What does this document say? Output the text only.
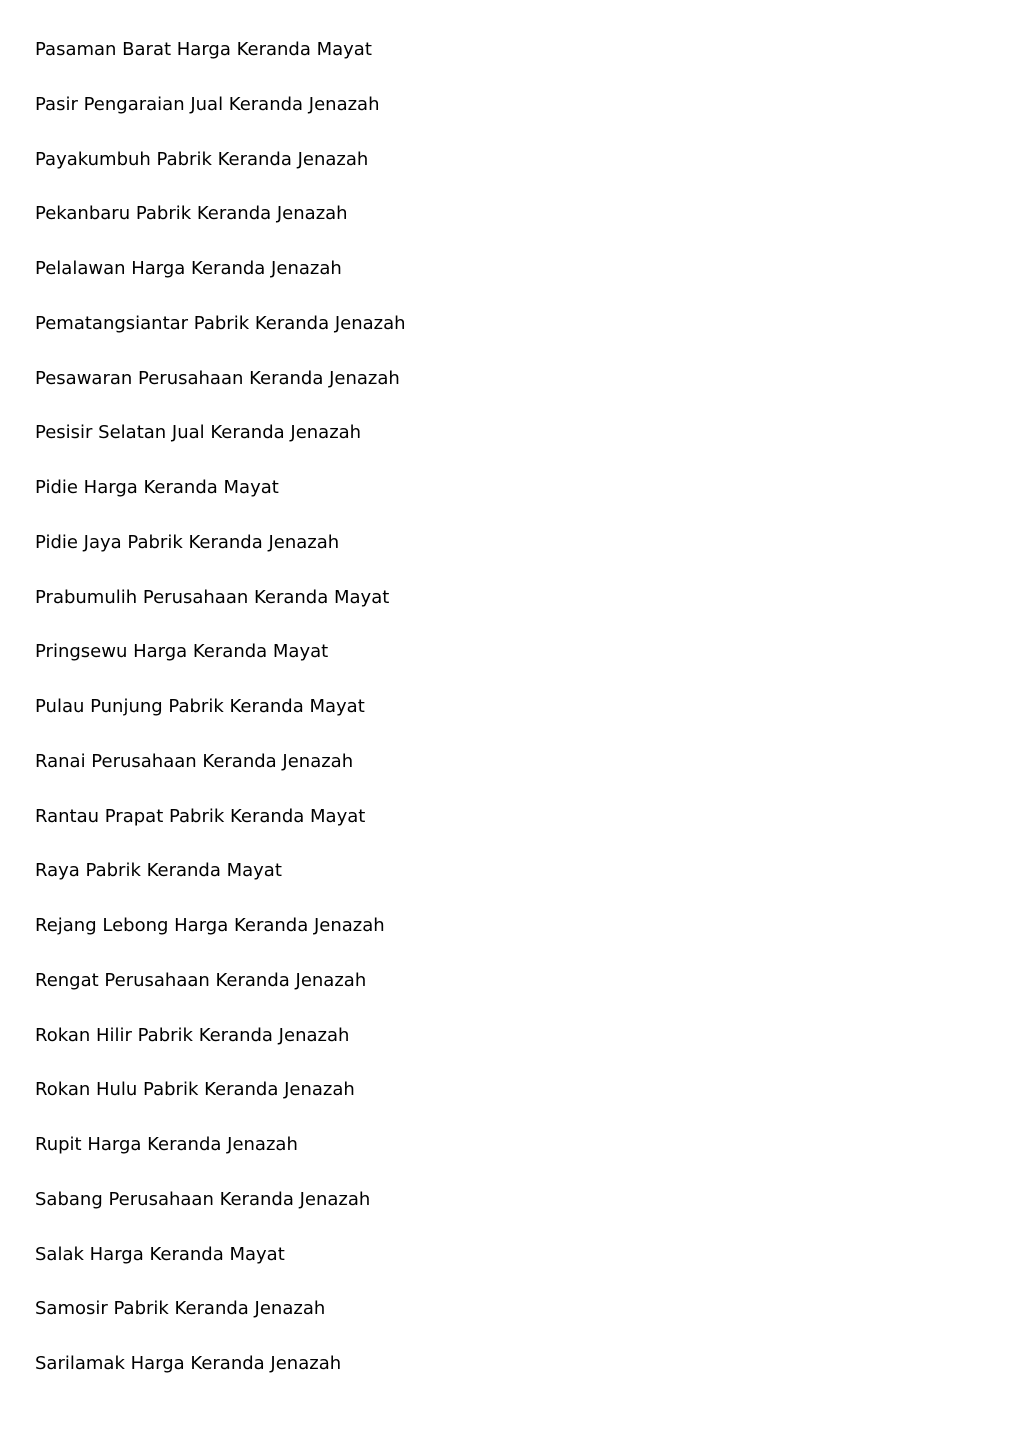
Pasaman Barat Harga Keranda Mayat
Pasir Pengaraian Jual Keranda Jenazah
Payakumbuh Pabrik Keranda Jenazah
Pekanbaru Pabrik Keranda Jenazah
Pelalawan Harga Keranda Jenazah
Pematangsiantar Pabrik Keranda Jenazah
Pesawaran Perusahaan Keranda Jenazah
Pesisir Selatan Jual Keranda Jenazah
Pidie Harga Keranda Mayat
Pidie Jaya Pabrik Keranda Jenazah
Prabumulih Perusahaan Keranda Mayat
Pringsewu Harga Keranda Mayat
Pulau Punjung Pabrik Keranda Mayat
Ranai Perusahaan Keranda Jenazah
Rantau Prapat Pabrik Keranda Mayat
Raya Pabrik Keranda Mayat
Rejang Lebong Harga Keranda Jenazah
Rengat Perusahaan Keranda Jenazah
Rokan Hilir Pabrik Keranda Jenazah
Rokan Hulu Pabrik Keranda Jenazah
Rupit Harga Keranda Jenazah
Sabang Perusahaan Keranda Jenazah
Salak Harga Keranda Mayat
Samosir Pabrik Keranda Jenazah
Sarilamak Harga Keranda Jenazah
